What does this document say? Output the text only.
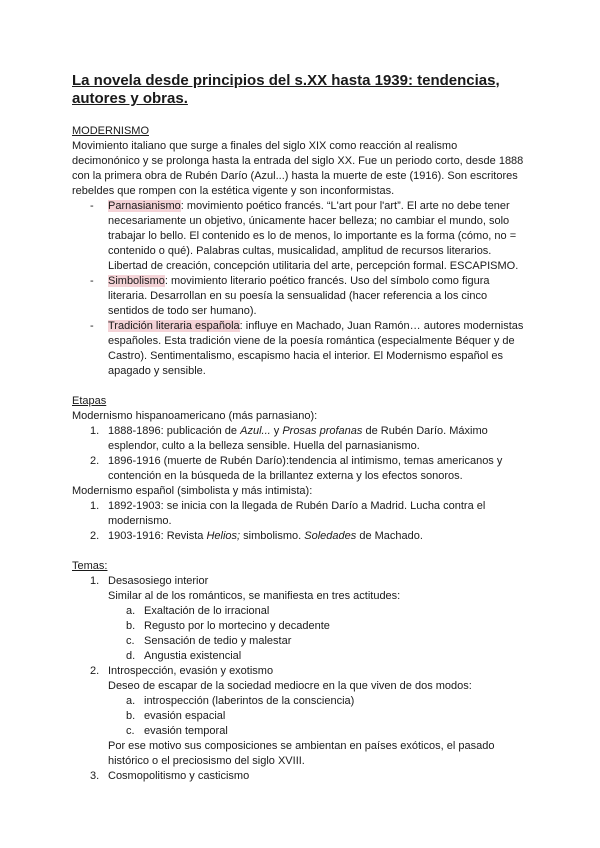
La novela desde principios del s.XX hasta 1939: tendencias, autores y obras.
MODERNISMO
Movimiento italiano que surge a finales del siglo XIX como reacción al realismo decimonónico y se prolonga hasta la entrada del siglo XX. Fue un periodo corto, desde 1888 con la primera obra de Rubén Darío (Azul...) hasta la muerte de este (1916). Son escritores rebeldes que rompen con la estética vigente y son inconformistas.
- Parnasianismo: movimiento poético francés. “L'art pour l'art”. El arte no debe tener necesariamente un objetivo, únicamente hacer belleza; no cambiar el mundo, solo trabajar lo bello. El contenido es lo de menos, lo importante es la forma (cómo, no = contenido o qué). Palabras cultas, musicalidad, amplitud de recursos literarios. Libertad de creación, concepción utilitaria del arte, percepción formal. ESCAPISMO.
- Simbolismo: movimiento literario poético francés. Uso del símbolo como figura literaria. Desarrollan en su poesía la sensualidad (hacer referencia a los cinco sentidos de todo ser humano).
- Tradición literaria española: influye en Machado, Juan Ramón… autores modernistas españoles. Esta tradición viene de la poesía romántica (especialmente Béquer y de Castro). Sentimentalismo, escapismo hacia el interior. El Modernismo español es apagado y sensible.
Etapas
Modernismo hispanoamericano (más parnasiano):
1. 1888-1896: publicación de Azul... y Prosas profanas de Rubén Darío. Máximo esplendor, culto a la belleza sensible. Huella del parnasianismo.
2. 1896-1916 (muerte de Rubén Darío):tendencia al intimismo, temas americanos y contención en la búsqueda de la brillantez externa y los efectos sonoros.
Modernismo español (simbolista y más intimista):
1. 1892-1903: se inicia con la llegada de Rubén Darío a Madrid. Lucha contra el modernismo.
2. 1903-1916: Revista Helios; simbolismo. Soledades de Machado.
Temas:
1. Desasosiego interior
Similar al de los románticos, se manifiesta en tres actitudes:
a. Exaltación de lo irracional
b. Regusto por lo mortecino y decadente
c. Sensación de tedio y malestar
d. Angustia existencial
2. Introspección, evasión y exotismo
Deseo de escapar de la sociedad mediocre en la que viven de dos modos:
a. introspección (laberintos de la consciencia)
b. evasión espacial
c. evasión temporal
Por ese motivo sus composiciones se ambientan en países exóticos, el pasado histórico o el preciosismo del siglo XVIII.
3. Cosmopolitismo y casticismo
